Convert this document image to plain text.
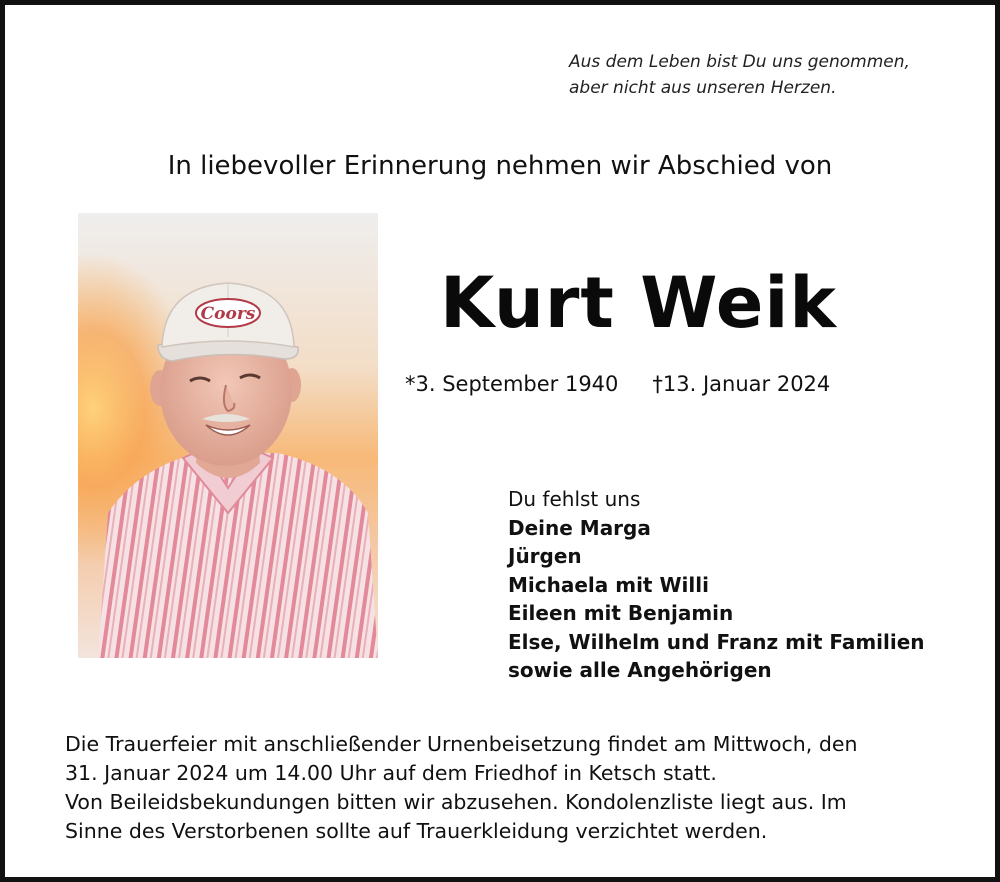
Aus dem Leben bist Du uns genommen,
aber nicht aus unseren Herzen.
In liebevoller Erinnerung nehmen wir Abschied von
Coors	Kurt Weik
*3. September 1940 †13. Januar 2024
Du fehlst uns
Deine Marga
Jürgen
Michaela mit Willi
Eileen mit Benjamin
Else, Wilhelm und Franz mit Familien
sowie alle Angehörigen
Die Trauerfeier mit anschließender Urnenbeisetzung findet am Mittwoch, den
31. Januar 2024 um 14.00 Uhr auf dem Friedhof in Ketsch statt.
Von Beileidsbekundungen bitten wir abzusehen. Kondolenzliste liegt aus. Im
Sinne des Verstorbenen sollte auf Trauerkleidung verzichtet werden.
